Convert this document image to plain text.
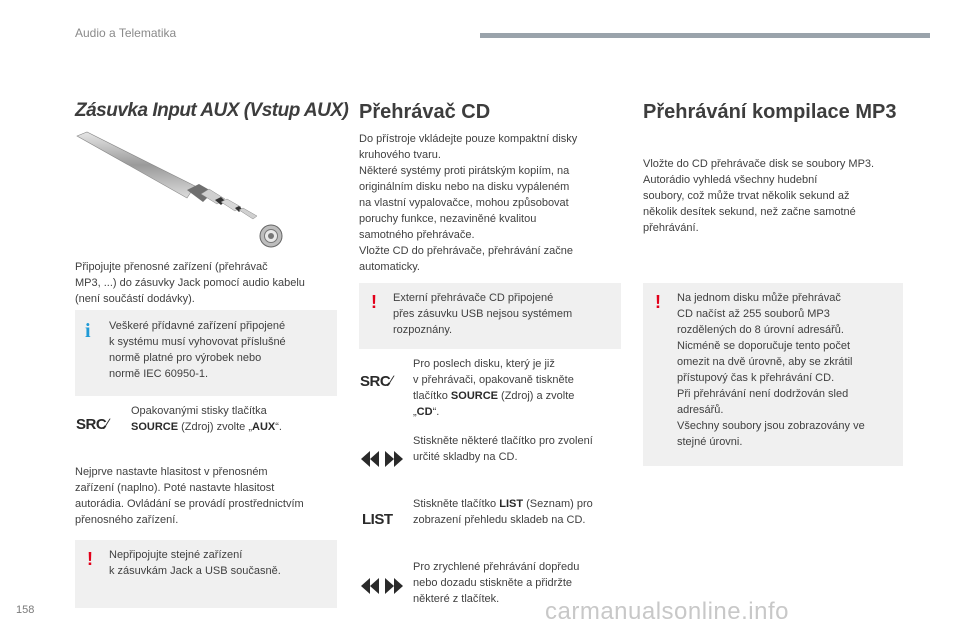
Audio a Telematika
Zásuvka Input AUX (Vstup AUX)

Připojujte přenosné zařízení (přehrávač
MP3, ...) do zásuvky Jack pomocí audio kabelu
(není součástí dodávky).

i Veškeré přídavné zařízení připojené
k systému musí vyhovovat příslušné
normě platné pro výrobek nebo
normě IEC 60950-1.

SRC∕

Opakovanými stisky tlačítka
SOURCE (Zdroj) zvolte „AUX“.

Nejprve nastavte hlasitost v přenosném
zařízení (naplno). Poté nastavte hlasitost
autorádia. Ovládání se provádí prostřednictvím
přenosného zařízení.

! Nepřipojujte stejné zařízení
k zásuvkám Jack a USB současně.

Přehrávač CD

Do přístroje vkládejte pouze kompaktní disky
kruhového tvaru.
Některé systémy proti pirátským kopiím, na
originálním disku nebo na disku vypáleném
na vlastní vypalovačce, mohou způsobovat
poruchy funkce, nezaviněné kvalitou
samotného přehrávače.
Vložte CD do přehrávače, přehrávání začne
automaticky.

! Externí přehrávače CD připojené
přes zásuvku USB nejsou systémem
rozpoznány.

SRC∕

Pro poslech disku, který je již
v přehrávači, opakovaně tiskněte
tlačítko SOURCE (Zdroj) a zvolte
„CD“.

Stiskněte některé tlačítko pro zvolení
určité skladby na CD.

LIST

Stiskněte tlačítko LIST (Seznam) pro
zobrazení přehledu skladeb na CD.

Pro zrychlené přehrávání dopředu
nebo dozadu stiskněte a přidržte
některé z tlačítek.

Přehrávání kompilace MP3

Vložte do CD přehrávače disk se soubory MP3.
Autorádio vyhledá všechny hudební
soubory, což může trvat několik sekund až
několik desítek sekund, než začne samotné
přehrávání.

! Na jednom disku může přehrávač
CD načíst až 255 souborů MP3
rozdělených do 8 úrovní adresářů.
Nicméně se doporučuje tento počet
omezit na dvě úrovně, aby se zkrátil
přístupový čas k přehrávání CD.
Při přehrávání není dodržován sled
adresářů.
Všechny soubory jsou zobrazovány ve
stejné úrovni.

158	carmanualsonline.info
